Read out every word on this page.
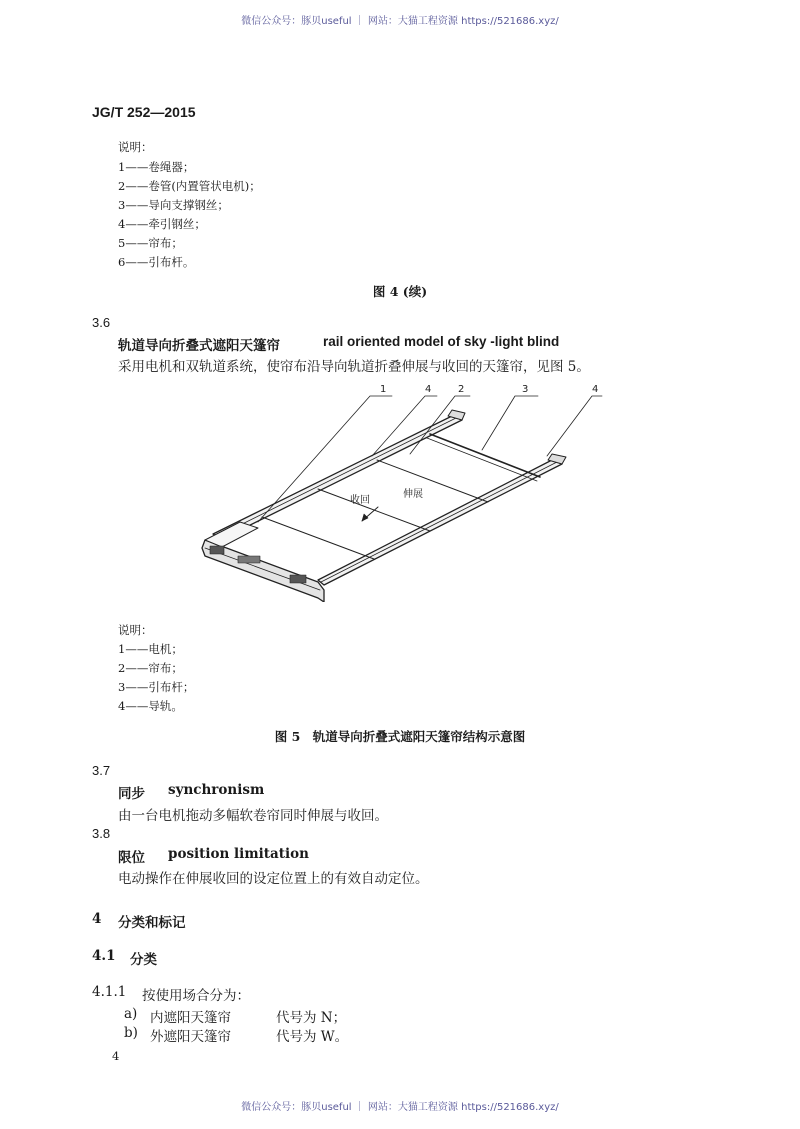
微信公众号：豚贝useful ｜ 网站：大猫工程资源 https://521686.xyz/
JG/T 252—2015
说明：
1——卷绳器；
2——卷管(内置管状电机)；
3——导向支撑钢丝；
4——牵引钢丝；
5——帘布；
6——引布杆。
图 4 (续)
3.6
轨道导向折叠式遮阳天篷帘	rail oriented model of sky -light blind
采用电机和双轨道系统，使帘布沿导向轨道折叠伸展与收回的天篷帘，见图 5。
1	4	2	3	4
收回
伸展
说明：
1——电机；
2——帘布；
3——引布杆；
4——导轨。
图 5　轨道导向折叠式遮阳天篷帘结构示意图
3.7
同步 synchronism
由一台电机拖动多幅软卷帘同时伸展与收回。
3.8
限位 position limitation
电动操作在伸展收回的设定位置上的有效自动定位。
4 分类和标记
4.1 分类
4.1.1 按使用场合分为：
a) 内遮阳天篷帘	代号为 N；
b) 外遮阳天篷帘	代号为 W。
4
微信公众号：豚贝useful ｜ 网站：大猫工程资源 https://521686.xyz/
